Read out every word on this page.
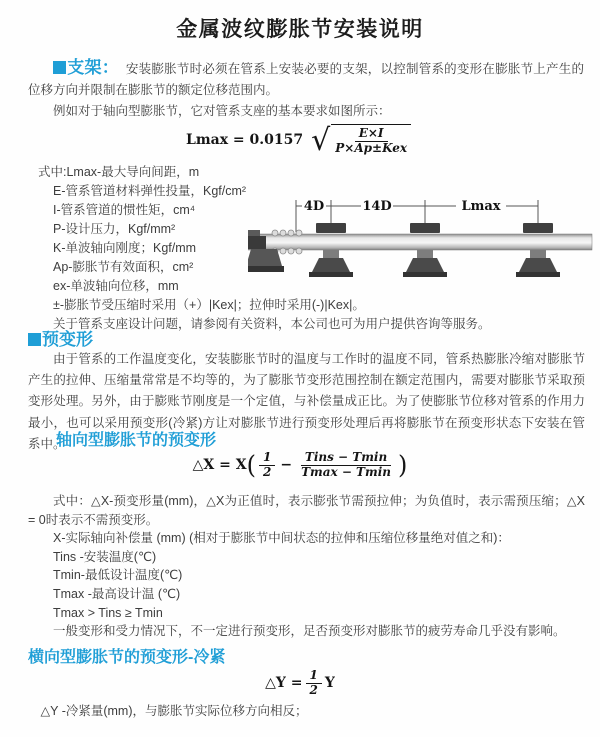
金属波纹膨胀节安装说明

支架： 安装膨胀节时必须在管系上安装必要的支架，以控制管系的变形在膨胀节上产生的位移方向并限制在膨胀节的额定位移范围内。

例如对于轴向型膨胀节，它对管系支座的基本要求如图所示：

Lmax = 0.0157 √ $\frac{E\times I}{\text{P×Ap±Kex}}$
式中:Lmax-最大导向间距，m
E-管系管道材料弹性投量，Kgf/cm²
I-管系管道的惯性矩，cm⁴
P-设计压力，Kgf/mm²
K-单波轴向刚度；Kgf/mm
Ap-膨胀节有效面积，cm²
ex-单波轴向位移，mm
±-膨胀节受压缩时采用（+）|Kex|；拉伸时采用(-)|Kex|。
关于管系支座设计问题，请参阅有关资料，本公司也可为用户提供咨询等服务。
4D	14D	Lmax
预变形

由于管系的工作温度变化，安装膨胀节时的温度与工作时的温度不同，管系热膨胀冷缩对膨胀节产生的拉伸、压缩量常常是不均等的，为了膨胀节变形范围控制在额定范围内，需要对膨胀节采取预变形处理。另外，由于膨账节刚度是一个定值，与补偿量成正比。为了使膨胀节位移对管系的作用力最小，也可以采用预变形(冷紧)方让对膨胀节进行预变形处理后再将膨胀节在预变形状态下安装在管系中。

轴向型膨胀节的预变形
△X = X ( $\frac{1}{2} - \frac{\text{Tins − Tmin}}{Tmax - Tmin}$ )

式中：△X-预变形量(mm)，△X为正值时，表示膨张节需预拉伸；为负值时，表示需预压缩；△X = 0时表示不需预变形。

X-实际轴向补偿量 (mm) (相对于膨胀节中间状态的拉伸和压缩位移量绝对值之和)：
Tins -安装温度(℃)
Tmin-最低设计温度(℃)
Tmax -最高设计温 (℃)
Tmax > Tins ≥ Tmin

一般变形和受力情况下，不一定进行预变形，足否预变形对膨胀节的疲劳寿命几乎没有影响。

横向型膨胀节的预变形-冷紧
△Y = $\frac{1}{2}$ Y

△Y -冷紧量(mm)，与膨胀节实际位移方向相反；
